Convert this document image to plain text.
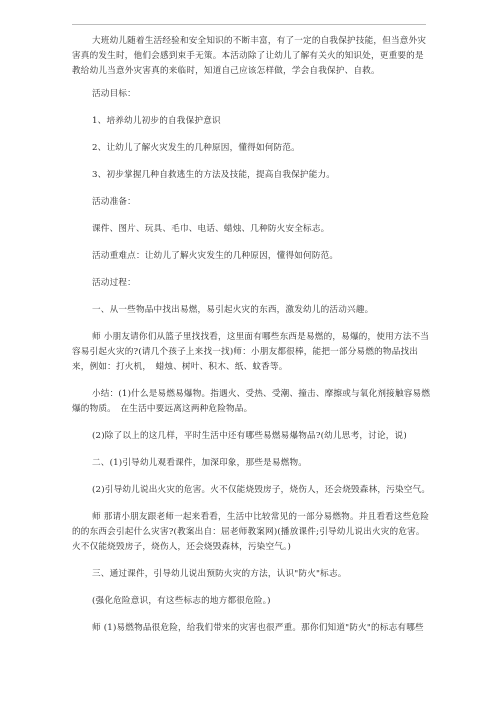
大班幼儿随着生活经验和安全知识的不断丰富，有了一定的自我保护技能，但当意外灾害真的发生时，他们会感到束手无策。本活动除了让幼儿了解有关火的知识处，更重要的是教给幼儿当意外灾害真的来临时，知道自己应该怎样做，学会自我保护、自救。

活动目标：

1、培养幼儿初步的自我保护意识

2、让幼儿了解火灾发生的几种原因，懂得如何防范。

3、初步掌握几种自救逃生的方法及技能，提高自我保护能力。

活动准备：

课件、图片、玩具、毛巾、电话、蜡烛、几种防火安全标志。

活动重难点：让幼儿了解火灾发生的几种原因，懂得如何防范。

活动过程：

一、从一些物品中找出易燃，易引起火灾的东西，激发幼儿的活动兴趣。

师 小朋友请你们从篮子里找找看，这里面有哪些东西是易燃的，易爆的，使用方法不当容易引起火灾的?(请几个孩子上来找一找)师：小朋友都很棒，能把一部分易燃的物品找出来，例如：打火机，　蜡烛、树叶、积木、纸、蚊香等。

小结：(1)什么是易燃易爆物。指遇火、受热、受潮、撞击、摩擦或与氧化剂接触容易燃爆的物质。　在生活中要远离这两种危险物品。

(2)除了以上的这几样，平时生活中还有哪些易燃易爆物品?(幼儿思考，讨论，说)

二、(1)引导幼儿观看课件，加深印象，那些是易燃物。

(2)引导幼儿说出火灾的危害。火不仅能烧毁房子，烧伤人，还会烧毁森林，污染空气。

师 那请小朋友跟老师一起来看看，生活中比较常见的一部分易燃物。并且看看这些危险的的东西会引起什么灾害?(教案出自：屈老师教案网)(播放课件;引导幼儿说出火灾的危害。火不仅能烧毁房子，烧伤人，还会烧毁森林，污染空气。)

三、通过课件，引导幼儿说出预防火灾的方法，认识"防火"标志。

(强化危险意识，有这些标志的地方都很危险。)

师 (1)易燃物品很危险，给我们带来的灾害也很严重。那你们知道"防火"的标志有哪些
